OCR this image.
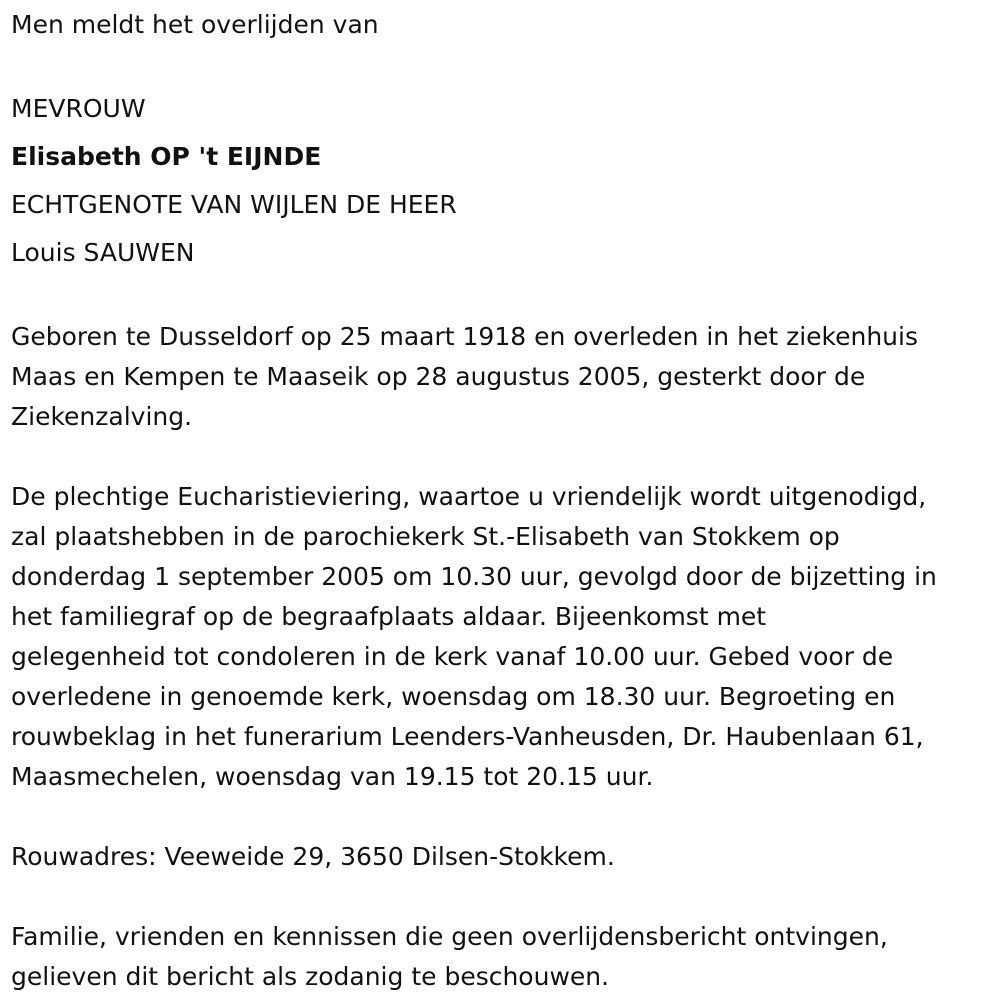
Men meldt het overlijden van
MEVROUW
Elisabeth OP 't EIJNDE
ECHTGENOTE VAN WIJLEN DE HEER
Louis SAUWEN
Geboren te Dusseldorf op 25 maart 1918 en overleden in het ziekenhuis
Maas en Kempen te Maaseik op 28 augustus 2005, gesterkt door de
Ziekenzalving.
De plechtige Eucharistieviering, waartoe u vriendelijk wordt uitgenodigd,
zal plaatshebben in de parochiekerk St.-Elisabeth van Stokkem op
donderdag 1 september 2005 om 10.30 uur, gevolgd door de bijzetting in
het familiegraf op de begraafplaats aldaar. Bijeenkomst met
gelegenheid tot condoleren in de kerk vanaf 10.00 uur. Gebed voor de
overledene in genoemde kerk, woensdag om 18.30 uur. Begroeting en
rouwbeklag in het funerarium Leenders-Vanheusden, Dr. Haubenlaan 61,
Maasmechelen, woensdag van 19.15 tot 20.15 uur.
Rouwadres: Veeweide 29, 3650 Dilsen-Stokkem.
Familie, vrienden en kennissen die geen overlijdensbericht ontvingen,
gelieven dit bericht als zodanig te beschouwen.
